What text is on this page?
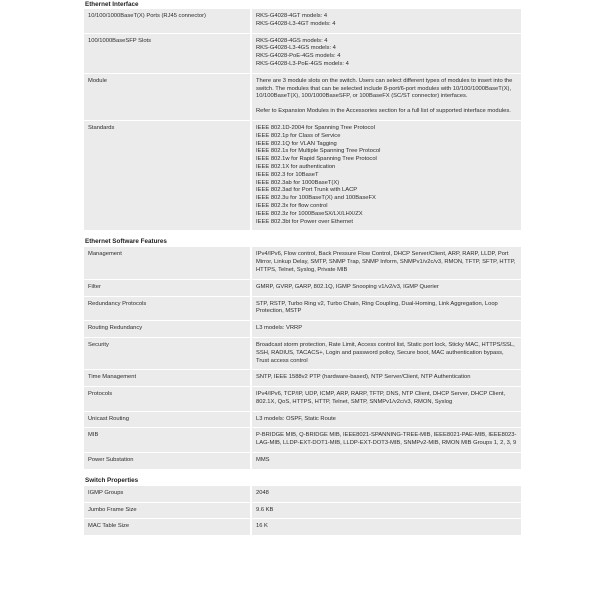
Ethernet Interface
10/100/1000BaseT(X) Ports (RJ45 connector)	RKS-G4028-4GT models: 4
RKS-G4028-L3-4GT models: 4
100/1000BaseSFP Slots	RKS-G4028-4GS models: 4
RKS-G4028-L3-4GS models: 4
RKS-G4028-PoE-4GS models: 4
RKS-G4028-L3-PoE-4GS models: 4
Module	There are 3 module slots on the switch. Users can select different types of modules to insert into the switch. The modules that can be selected include 8-port/6-port modules with 10/100/1000BaseT(X), 10/100BaseT(X), 100/1000BaseSFP, or 100BaseFX (SC/ST connector) interfaces.

Refer to Expansion Modules in the Accessories section for a full list of supported interface modules.

Standards	IEEE 802.1D-2004 for Spanning Tree Protocol
IEEE 802.1p for Class of Service
IEEE 802.1Q for VLAN Tagging
IEEE 802.1s for Multiple Spanning Tree Protocol
IEEE 802.1w for Rapid Spanning Tree Protocol
IEEE 802.1X for authentication
IEEE 802.3 for 10BaseT
IEEE 802.3ab for 1000BaseT(X)
IEEE 802.3ad for Port Trunk with LACP
IEEE 802.3u for 100BaseT(X) and 100BaseFX
IEEE 802.3x for flow control
IEEE 802.3z for 1000BaseSX/LX/LHX/ZX
IEEE 802.3bt for Power over Ethernet
Ethernet Software Features
Management	IPv4/IPv6, Flow control, Back Pressure Flow Control, DHCP Server/Client, ARP, RARP, LLDP, Port Mirror, Linkup Delay, SMTP, SNMP Trap, SNMP Inform, SNMPv1/v2c/v3, RMON, TFTP, SFTP, HTTP, HTTPS, Telnet, Syslog, Private MIB

Filter	GMRP, GVRP, GARP, 802.1Q, IGMP Snooping v1/v2/v3, IGMP Querier

Redundancy Protocols	STP, RSTP, Turbo Ring v2, Turbo Chain, Ring Coupling, Dual-Homing, Link Aggregation, Loop Protection, MSTP

Routing Redundancy	L3 models: VRRP

Security	Broadcast storm protection, Rate Limit, Access control list, Static port lock, Sticky MAC, HTTPS/SSL, SSH, RADIUS, TACACS+, Login and password policy, Secure boot, MAC authentication bypass, Trust access control

Time Management	SNTP, IEEE 1588v2 PTP (hardware-based), NTP Server/Client, NTP Authentication

Protocols	IPv4/IPv6, TCP/IP, UDP, ICMP, ARP, RARP, TFTP, DNS, NTP Client, DHCP Server, DHCP Client, 802.1X, QoS, HTTPS, HTTP, Telnet, SMTP, SNMPv1/v2c/v3, RMON, Syslog

Unicast Routing	L3 models: OSPF, Static Route

MIB	P-BRIDGE MIB, Q-BRIDGE MIB, IEEE8021-SPANNING-TREE-MIB, IEEE8021-PAE-MIB, IEEE8023-LAG-MIB, LLDP-EXT-DOT1-MIB, LLDP-EXT-DOT3-MIB, SNMPv2-MIB, RMON MIB Groups 1, 2, 3, 9

Power Substation	MMS

Switch Properties
IGMP Groups	2048

Jumbo Frame Size	9.6 KB

MAC Table Size	16 K
